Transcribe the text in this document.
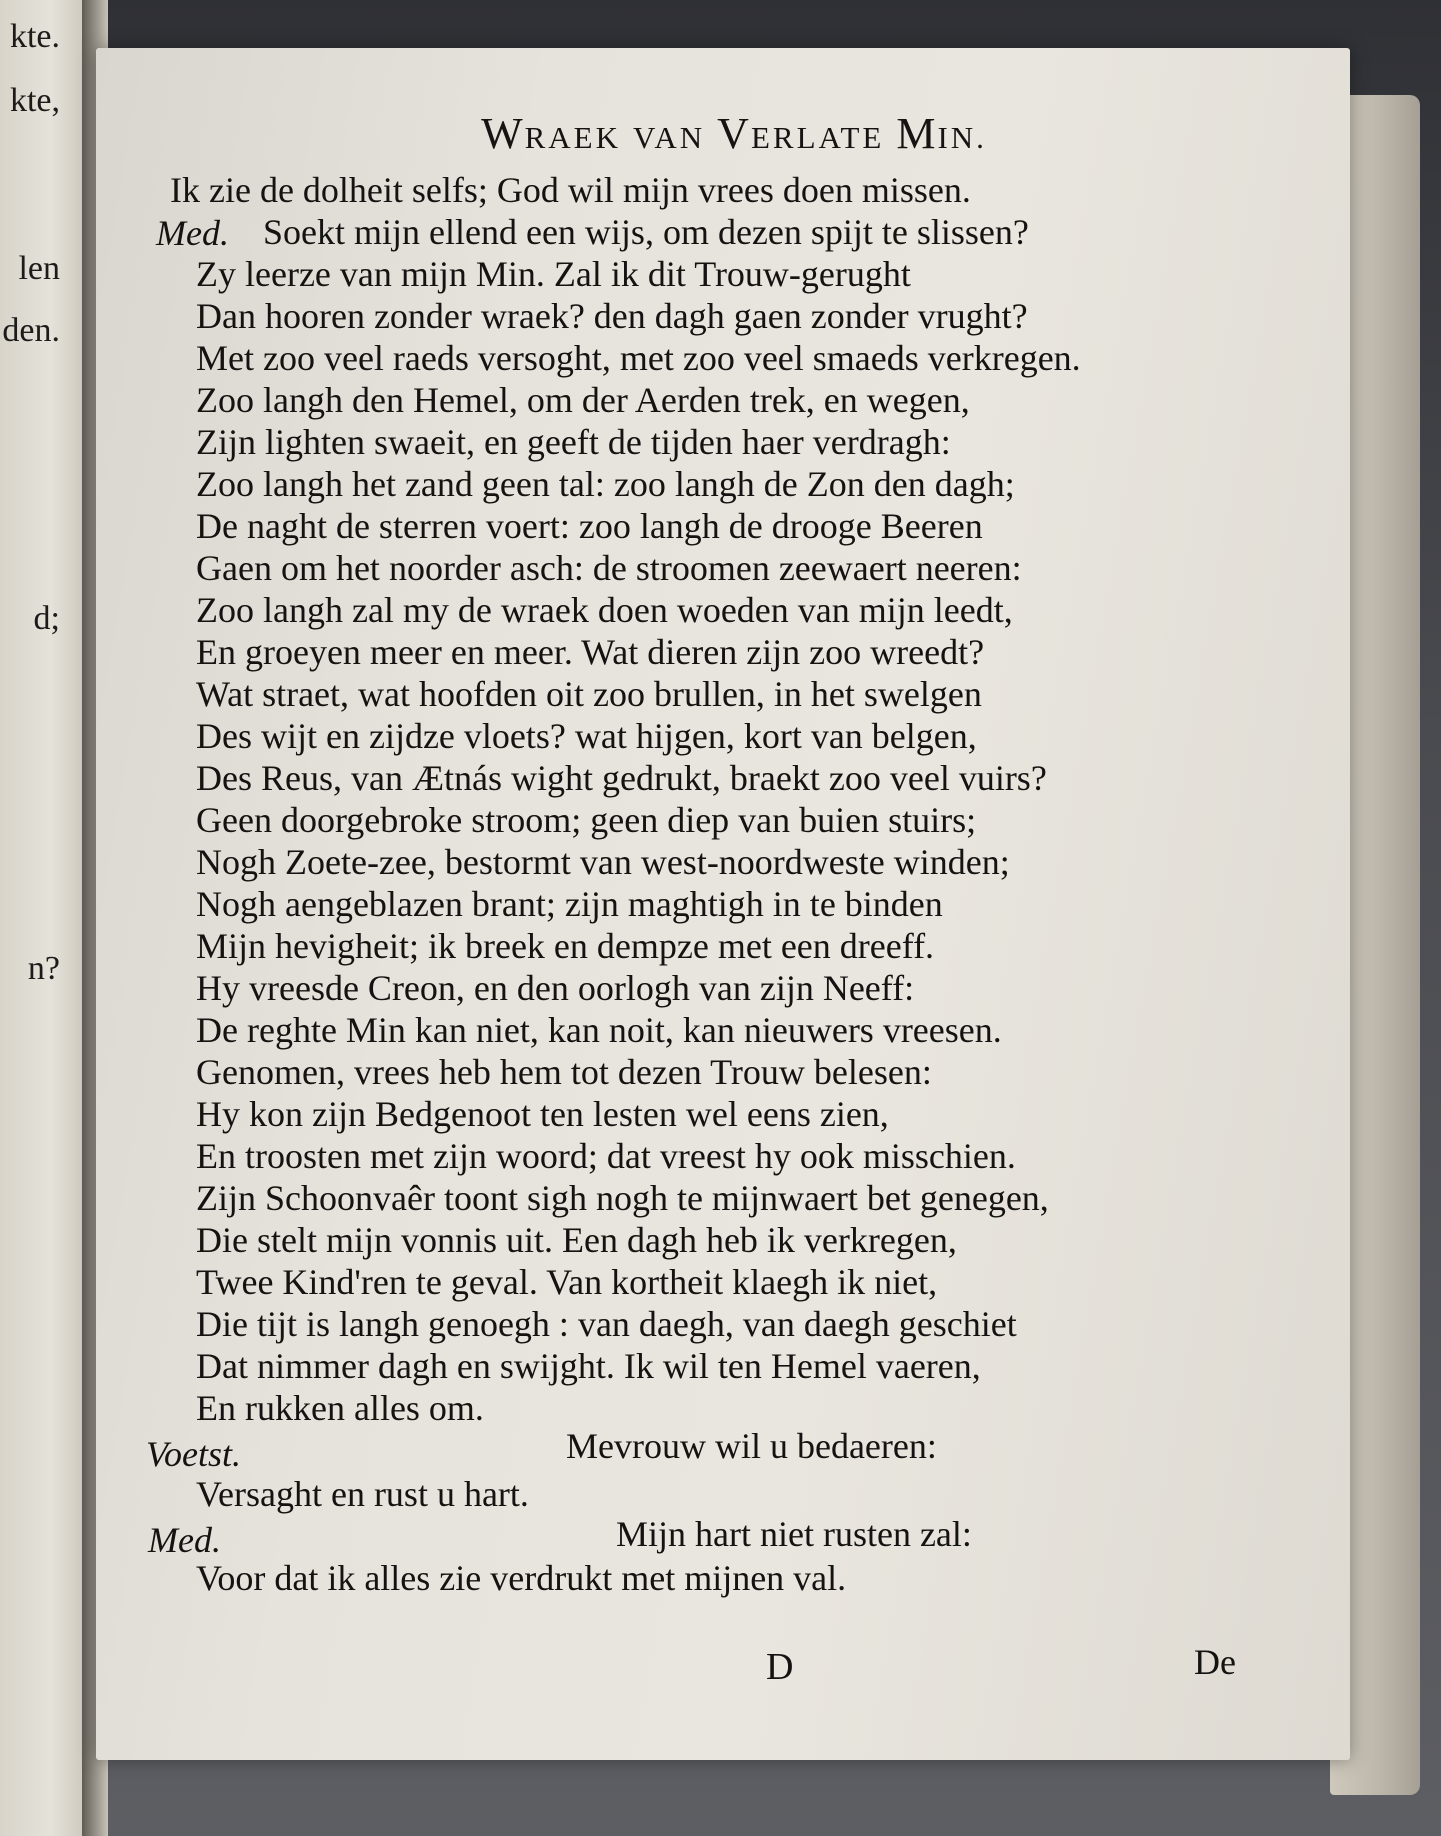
kte.
kte,
len
den.
d;
n?
WRAEK VAN VERLATE MIN.
Ik zie de dolheit selfs; God wil mijn vrees doen missen.
Med. Soekt mijn ellend een wijs, om dezen spijt te slissen?
Zy leerze van mijn Min. Zal ik dit Trouw-gerught
Dan hooren zonder wraek? den dagh gaen zonder vrught?
Met zoo veel raeds versoght, met zoo veel smaeds verkregen.
Zoo langh den Hemel, om der Aerden trek, en wegen,
Zijn lighten swaeit, en geeft de tijden haer verdragh:
Zoo langh het zand geen tal: zoo langh de Zon den dagh;
De naght de sterren voert: zoo langh de drooge Beeren
Gaen om het noorder asch: de stroomen zeewaert neeren:
Zoo langh zal my de wraek doen woeden van mijn leedt,
En groeyen meer en meer. Wat dieren zijn zoo wreedt?
Wat straet, wat hoofden oit zoo brullen, in het swelgen
Des wijt en zijdze vloets? wat hijgen, kort van belgen,
Des Reus, van Ætnás wight gedrukt, braekt zoo veel vuirs?
Geen doorgebroke stroom; geen diep van buien stuirs;
Nogh Zoete-zee, bestormt van west-noordweste winden;
Nogh aengeblazen brant; zijn maghtigh in te binden
Mijn hevigheit; ik breek en dempze met een dreeff.
Hy vreesde Creon, en den oorlogh van zijn Neeff:
De reghte Min kan niet, kan noit, kan nieuwers vreesen.
Genomen, vrees heb hem tot dezen Trouw belesen:
Hy kon zijn Bedgenoot ten lesten wel eens zien,
En troosten met zijn woord; dat vreest hy ook misschien.
Zijn Schoonvaêr toont sigh nogh te mijnwaert bet genegen,
Die stelt mijn vonnis uit. Een dagh heb ik verkregen,
Twee Kind'ren te geval. Van kortheit klaegh ik niet,
Die tijt is langh genoegh : van daegh, van daegh geschiet
Dat nimmer dagh en swijght. Ik wil ten Hemel vaeren,
En rukken alles om.
Voetst.	Mevrouw wil u bedaeren:
Versaght en rust u hart.
Med.	Mijn hart niet rusten zal:
Voor dat ik alles zie verdrukt met mijnen val.
D	De
